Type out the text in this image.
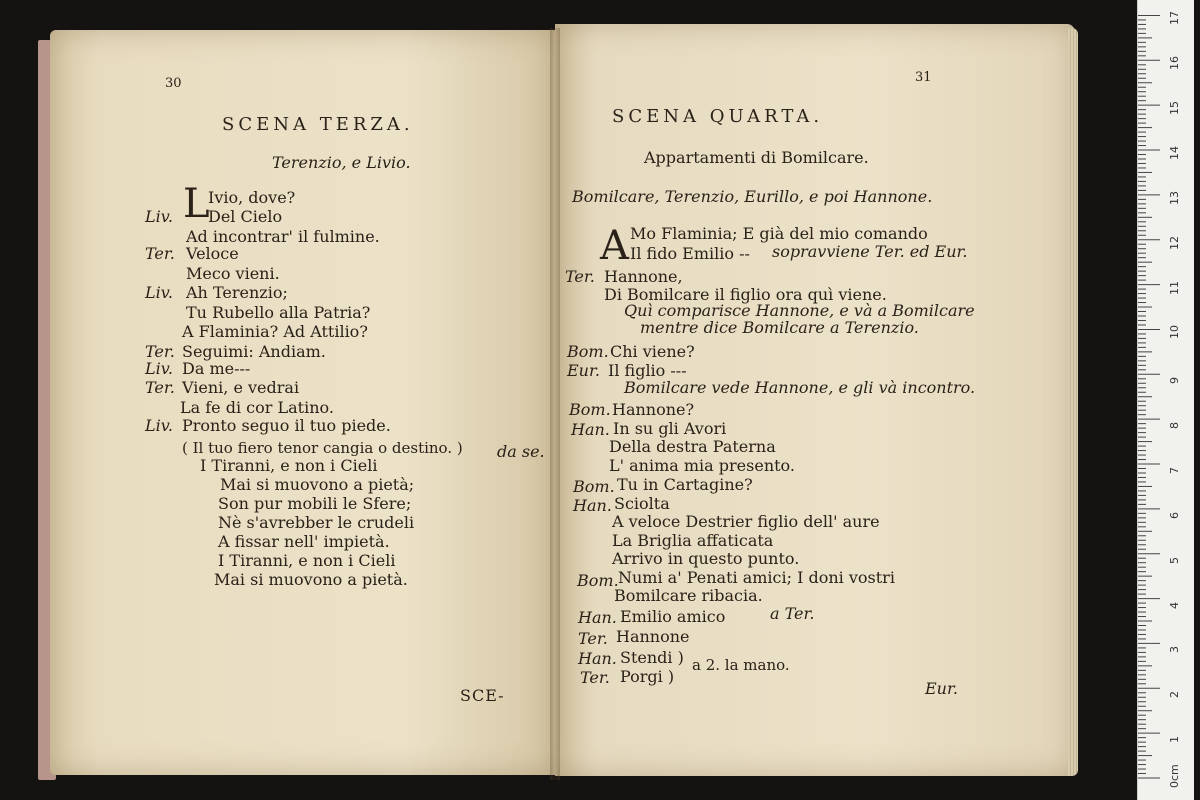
30
SCENA TERZA.
Terenzio, e Livio.
L
Ivio, dove?
Liv. Del Cielo
Ad incontrar' il fulmine.
Ter. Veloce
Meco vieni.
Liv. Ah Terenzio;
Tu Rubello alla Patria?
A Flaminia? Ad Attilio?
Ter. Seguimi: Andiam.
Liv. Da me---
Ter. Vieni, e vedrai
La fe di cor Latino.
Liv. Pronto seguo il tuo piede.
( Il tuo fiero tenor cangia o destino. ) da se.
I Tiranni, e non i Cieli
Mai si muovono a pietà;
Son pur mobili le Sfere;
Nè s'avrebber le crudeli
A fissar nell' impietà.
I Tiranni, e non i Cieli
Mai si muovono a pietà.
SCE-
31
SCENA QUARTA.
Appartamenti di Bomilcare.
Bomilcare, Terenzio, Eurillo, e poi Hannone.
A Mo Flaminia; E già del mio comando
Il fido Emilio -- sopravviene Ter. ed Eur.
Ter. Hannone,
Di Bomilcare il figlio ora quì viene.
Quì comparisce Hannone, e và a Bomilcare
mentre dice Bomilcare a Terenzio.
Bom. Chi viene?
Eur. Il figlio ---
Bomilcare vede Hannone, e gli và incontro.
Bom. Hannone?
Han. In su gli Avori
Della destra Paterna
L' anima mia presento.
Bom. Tu in Cartagine?
Han. Sciolta
A veloce Destrier figlio dell' aure
La Briglia affaticata
Arrivo in questo punto.
Bom. Numi a' Penati amici; I doni vostri
Bomilcare ribacia.
Han. Emilio amico	a Ter.
Ter. Hannone
Han. Stendi )
Ter. Porgi )
a 2. la mano.
Eur.
17
16
15
14
13
12
11
10
9
8
7
6
5
4
3
2
1
0cm
